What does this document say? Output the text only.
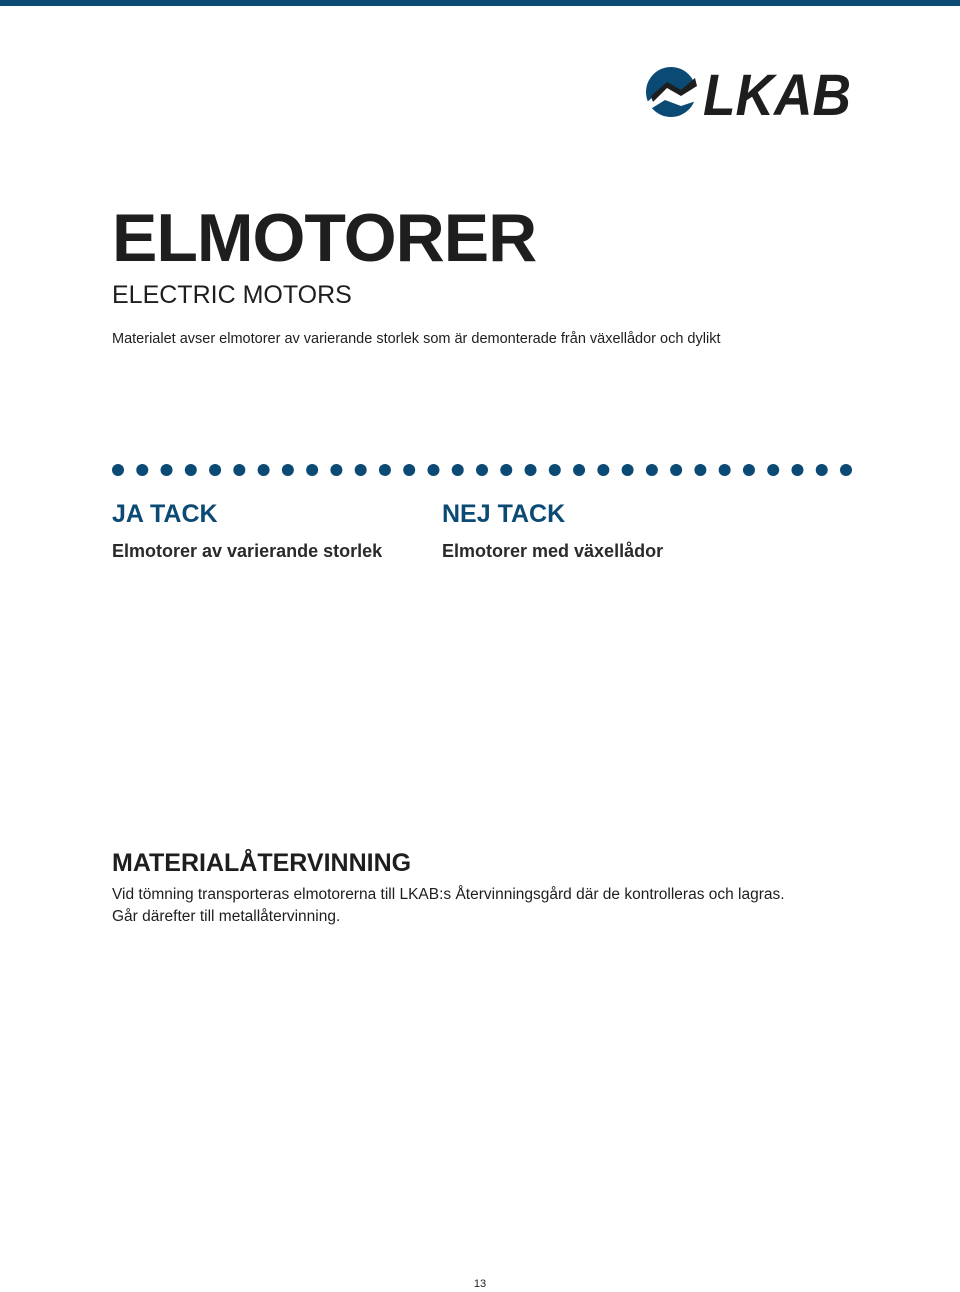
LKAB
ELMOTORER
ELECTRIC MOTORS

Materialet avser elmotorer av varierande storlek som är demonterade från växellådor och dylikt

JA TACK

Elmotorer av varierande storlek

NEJ TACK

Elmotorer med växellådor

MATERIALÅTERVINNING

Vid tömning transporteras elmotorerna till LKAB:s Återvinningsgård där de kontrolleras och lagras.
Går därefter till metallåtervinning.

13
